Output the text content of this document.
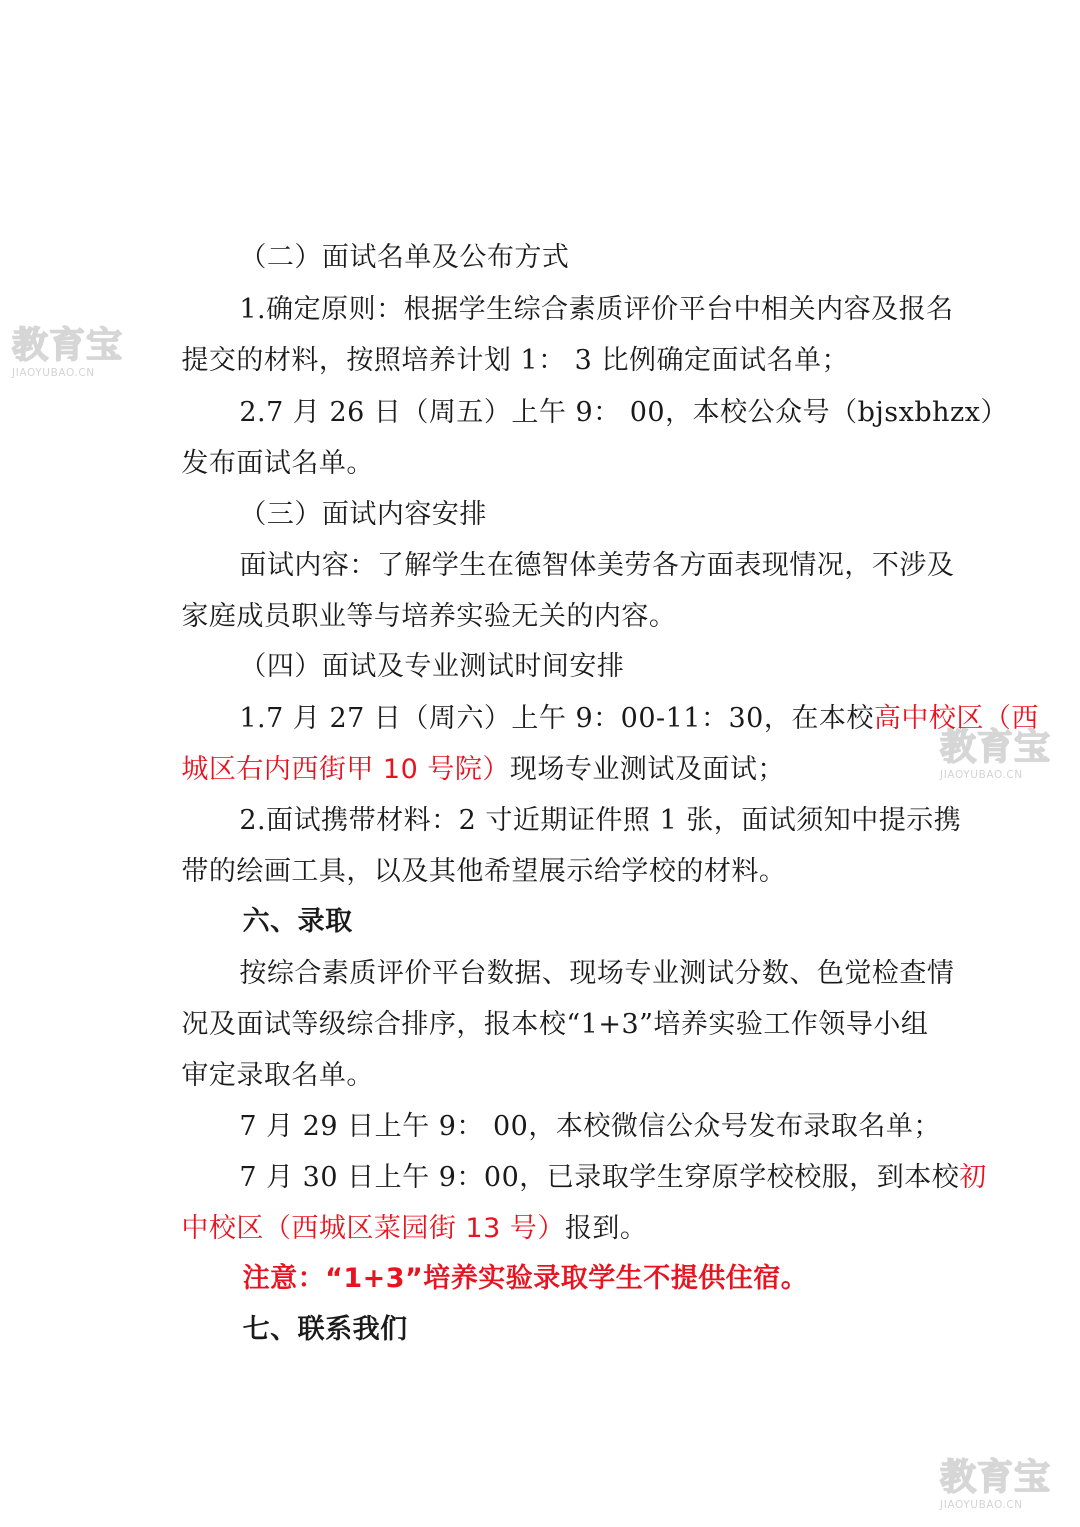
教育宝
JIAOYUBAO.CN
教育宝
JIAOYUBAO.CN
教育宝
JIAOYUBAO.CN

（二）面试名单及公布方式

1.确定原则：根据学生综合素质评价平台中相关内容及报名

提交的材料，按照培养计划 1： 3 比例确定面试名单；

2.7 月 26 日（周五）上午 9： 00，本校公众号（bjsxbhzx）

发布面试名单。

（三）面试内容安排

面试内容：了解学生在德智体美劳各方面表现情况，不涉及

家庭成员职业等与培养实验无关的内容。

（四）面试及专业测试时间安排

1.7 月 27 日（周六）上午 9：00-11：30，在本校高中校区（西

城区右内西街甲 10 号院）现场专业测试及面试；

2.面试携带材料：2 寸近期证件照 1 张，面试须知中提示携

带的绘画工具，以及其他希望展示给学校的材料。

六、录取

按综合素质评价平台数据、现场专业测试分数、色觉检查情

况及面试等级综合排序，报本校“1+3”培养实验工作领导小组

审定录取名单。

7 月 29 日上午 9： 00，本校微信公众号发布录取名单；

7 月 30 日上午 9：00，已录取学生穿原学校校服，到本校初

中校区（西城区菜园街 13 号）报到。

注意：“1+3”培养实验录取学生不提供住宿。

七、联系我们
